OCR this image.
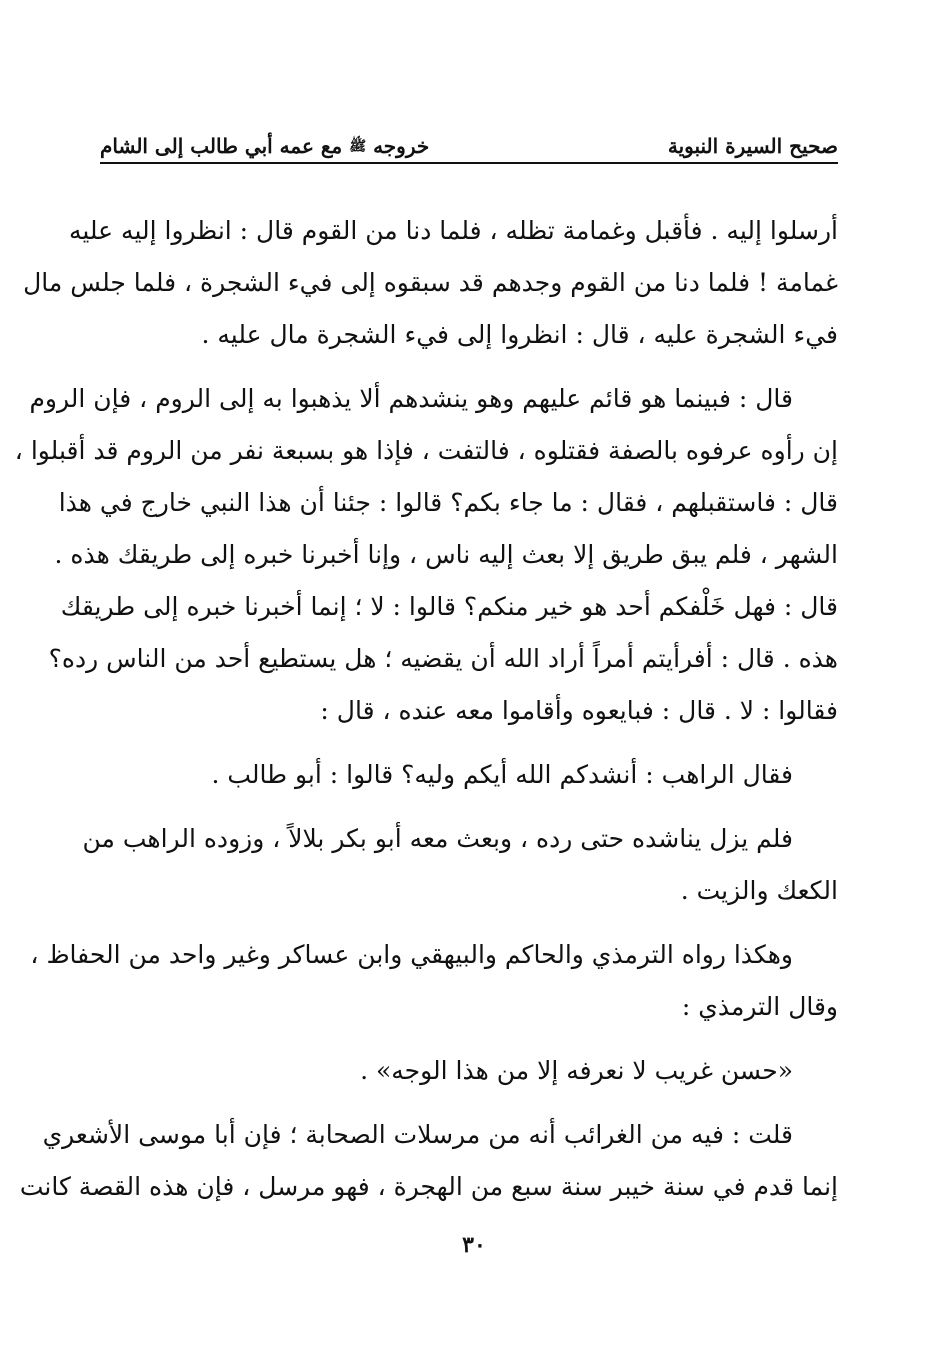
صحيح السيرة النبوية
خروجه ﷺ مع عمه أبي طالب إلى الشام
أرسلوا إليه . فأقبل وغمامة تظله ، فلما دنا من القوم قال : انظروا إليه عليه
غمامة ! فلما دنا من القوم وجدهم قد سبقوه إلى فيء الشجرة ، فلما جلس مال
فيء الشجرة عليه ، قال : انظروا إلى فيء الشجرة مال عليه .
قال : فبينما هو قائم عليهم وهو ينشدهم ألا يذهبوا به إلى الروم ، فإن الروم
إن رأوه عرفوه بالصفة فقتلوه ، فالتفت ، فإذا هو بسبعة نفر من الروم قد أقبلوا ،
قال : فاستقبلهم ، فقال : ما جاء بكم؟ قالوا : جئنا أن هذا النبي خارج في هذا
الشهر ، فلم يبق طريق إلا بعث إليه ناس ، وإنا أخبرنا خبره إلى طريقك هذه .
قال : فهل خَلْفكم أحد هو خير منكم؟ قالوا : لا ؛ إنما أخبرنا خبره إلى طريقك
هذه . قال : أفرأيتم أمراً أراد الله أن يقضيه ؛ هل يستطيع أحد من الناس رده؟
فقالوا : لا . قال : فبايعوه وأقاموا معه عنده ، قال :
فقال الراهب : أنشدكم الله أيكم وليه؟ قالوا : أبو طالب .
فلم يزل يناشده حتى رده ، وبعث معه أبو بكر بلالاً ، وزوده الراهب من
الكعك والزيت .
وهكذا رواه الترمذي والحاكم والبيهقي وابن عساكر وغير واحد من الحفاظ ،
وقال الترمذي :
«حسن غريب لا نعرفه إلا من هذا الوجه» .
قلت : فيه من الغرائب أنه من مرسلات الصحابة ؛ فإن أبا موسى الأشعري
إنما قدم في سنة خيبر سنة سبع من الهجرة ، فهو مرسل ، فإن هذه القصة كانت
٣٠
